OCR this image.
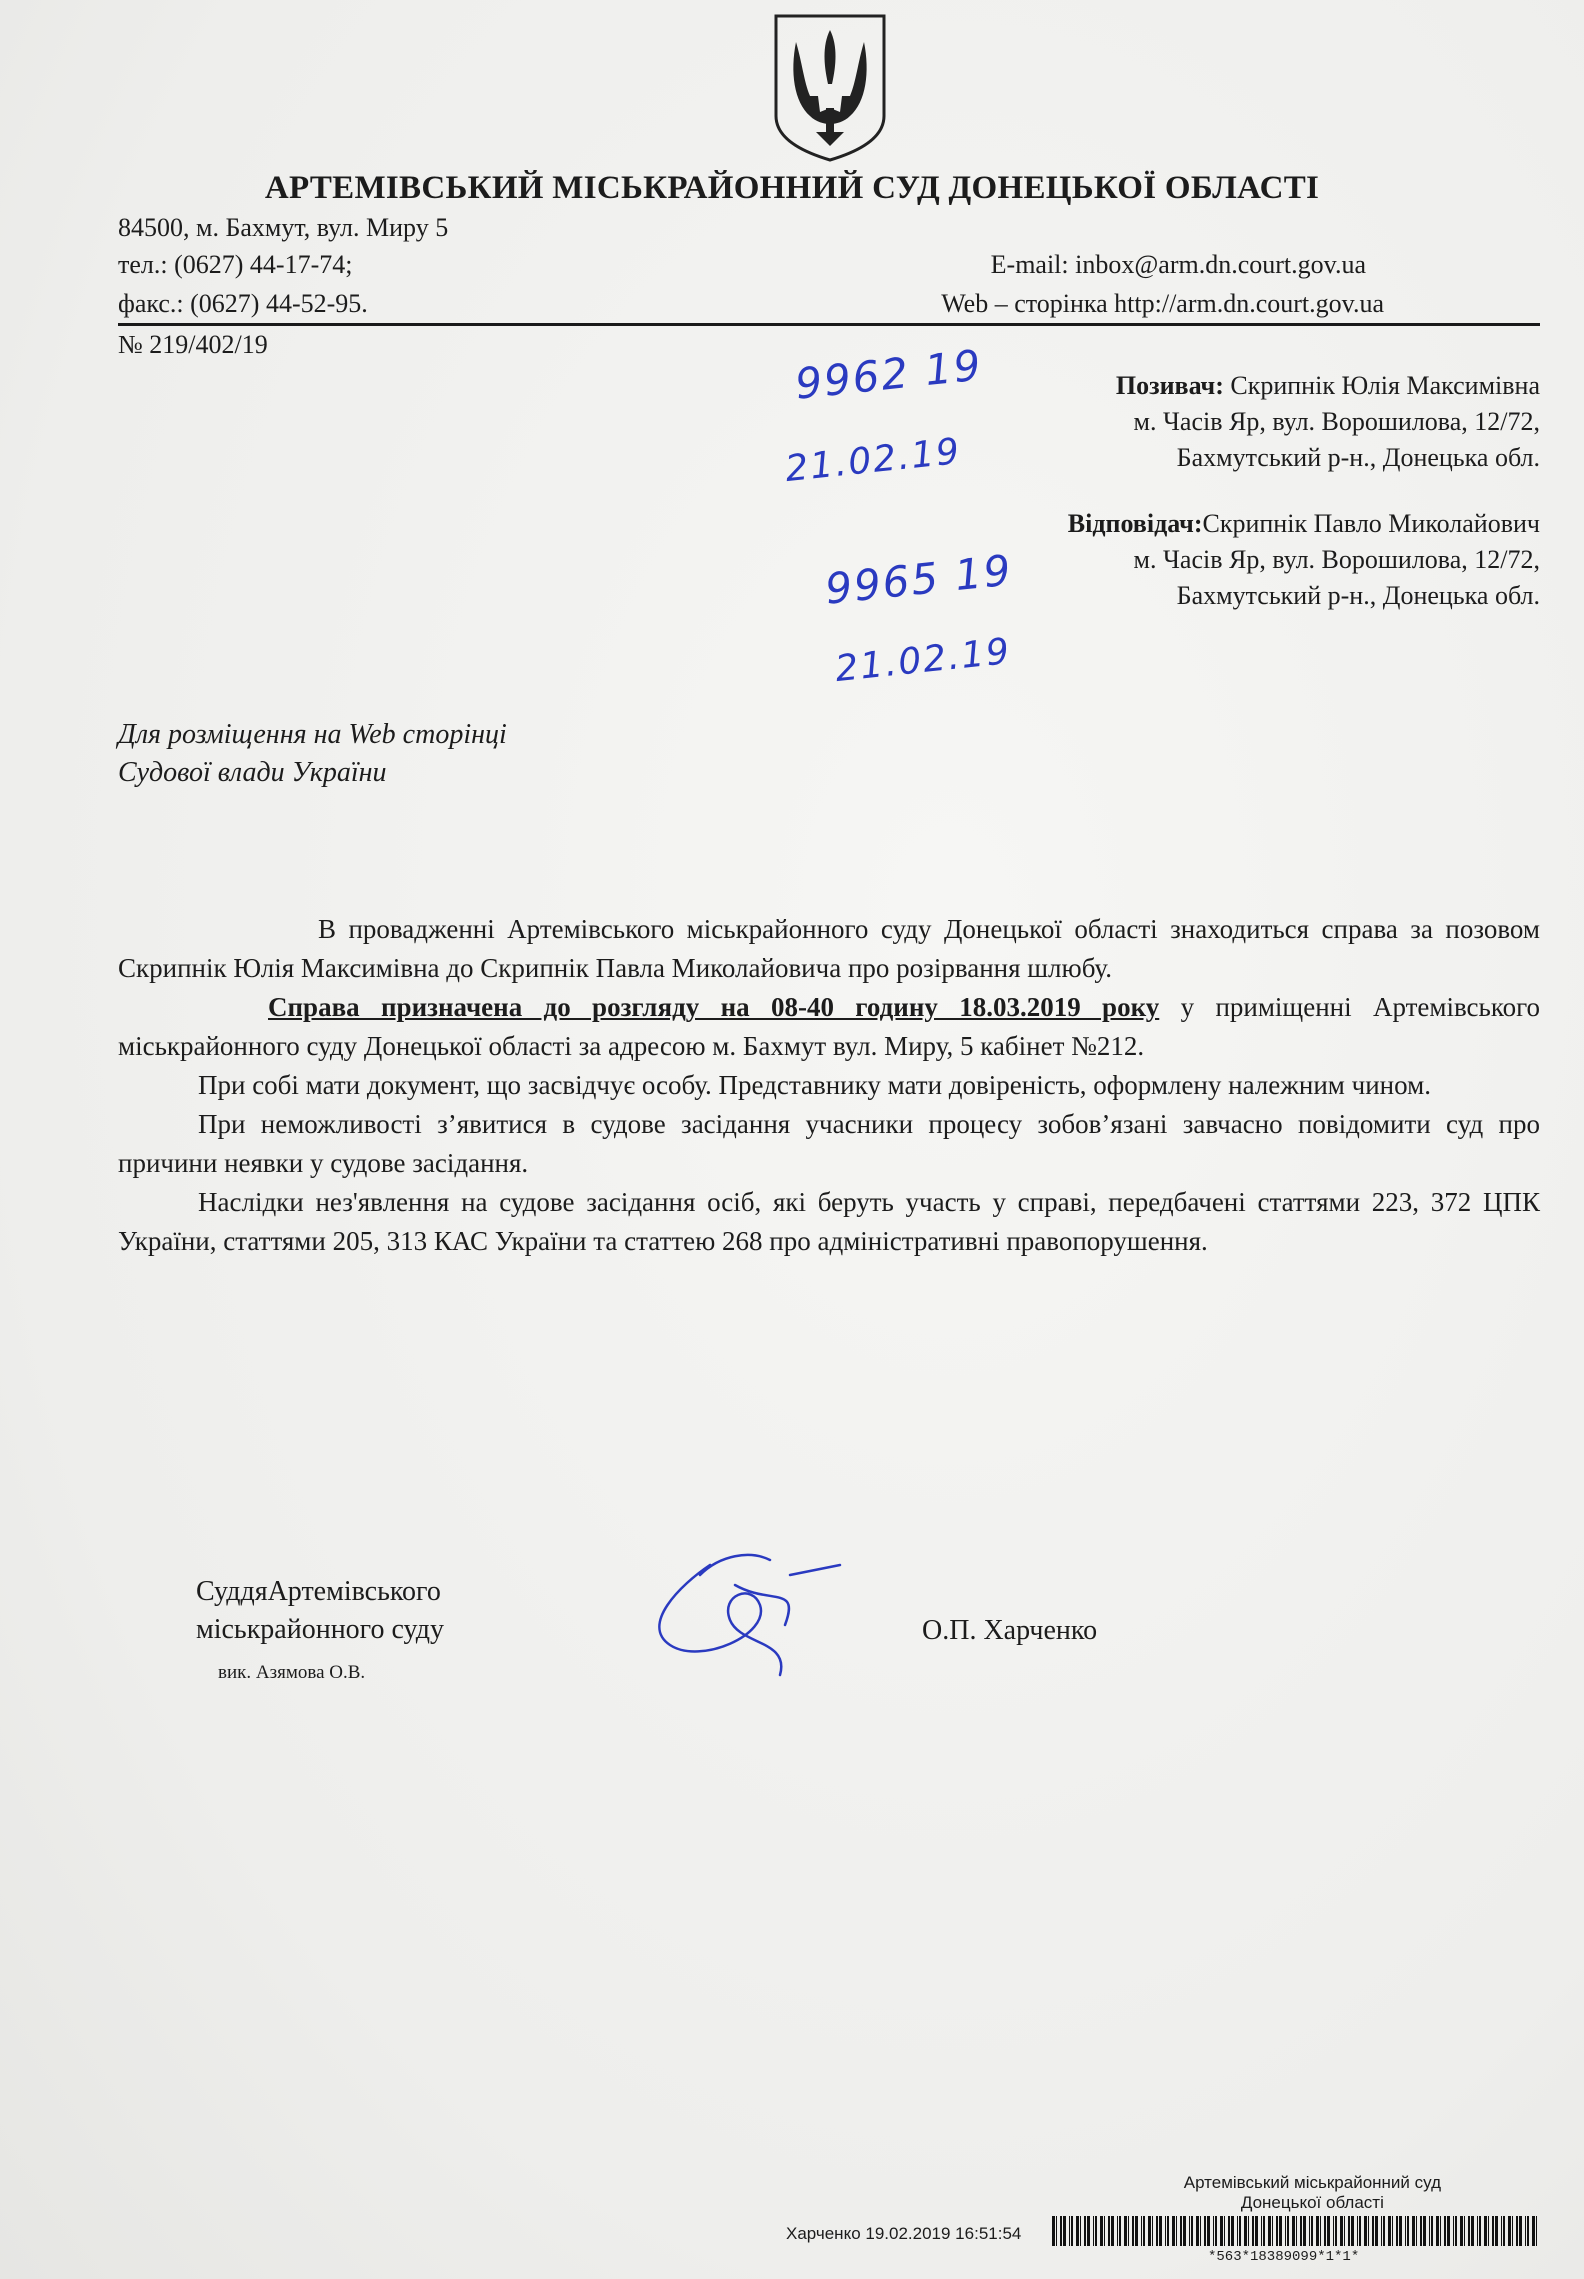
АРТЕМІВСЬКИЙ МІСЬКРАЙОННИЙ СУД ДОНЕЦЬКОЇ ОБЛАСТІ
84500, м. Бахмут, вул. Миру 5
тел.: (0627) 44-17-74;
факс.: (0627) 44-52-95.
E-mail: inbox@arm.dn.court.gov.ua
Web – сторінка http://arm.dn.court.gov.ua
№ 219/402/19
Позивач: Скрипнік Юлія Максимівна
м. Часів Яр, вул. Ворошилова, 12/72,
Бахмутський р-н., Донецька обл.
Відповідач:Скрипнік Павло Миколайович
м. Часів Яр, вул. Ворошилова, 12/72,
Бахмутський р-н., Донецька обл.
9962 19
21.02.19
9965 19
21.02.19
Для розміщення на Web сторінці
Судової влади України

В провадженні Артемівського міськрайонного суду Донецької області знаходиться справа за позовом Скрипнік Юлія Максимівна до Скрипнік Павла Миколайовича про розірвання шлюбу.

Справа призначена до розгляду на 08-40 годину 18.03.2019 року у приміщенні Артемівського міськрайонного суду Донецької області за адресою м. Бахмут вул. Миру, 5 кабінет №212.

При собі мати документ, що засвідчує особу. Представнику мати довіреність, оформлену належним чином.

При неможливості з’явитися в судове засідання учасники процесу зобов’язані завчасно повідомити суд про причини неявки у судове засідання.

Наслідки нез'явлення на судове засідання осіб, які беруть участь у справі, передбачені статтями 223, 372 ЦПК України, статтями 205, 313 КАС України та статтею 268 про адміністративні правопорушення.

СуддяАртемівського
міськрайонного суду
вик. Азямова О.В.
О.П. Харченко
Артемівський міськрайонний суд
Донецької області
Харченко 19.02.2019 16:51:54
*563*18389099*1*1*
